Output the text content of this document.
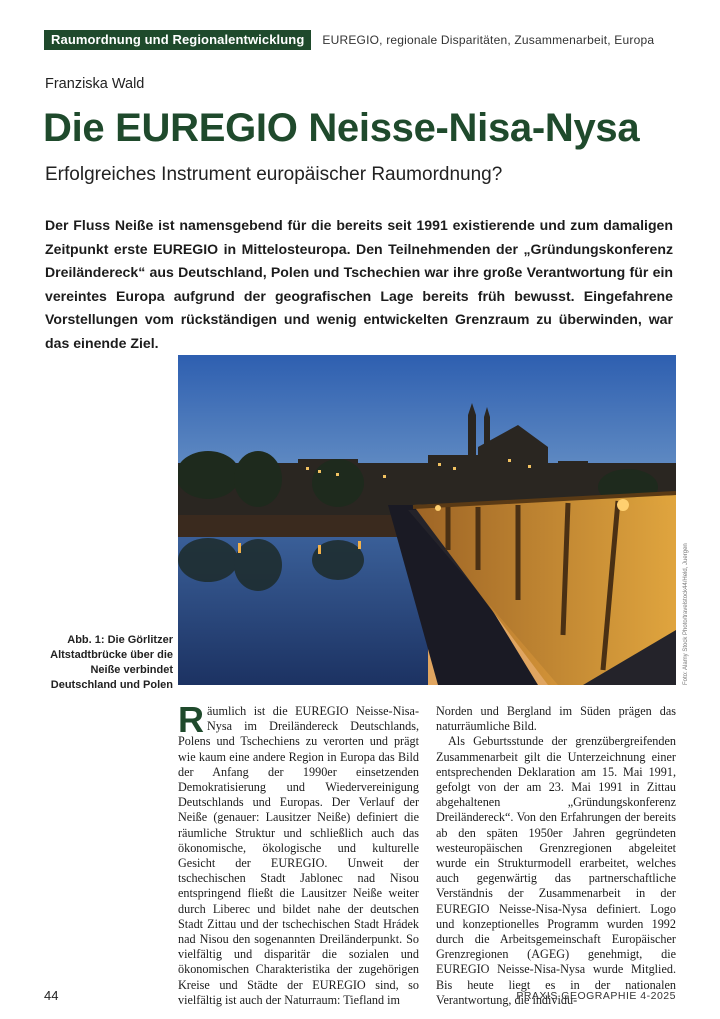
Raumordnung und Regionalentwicklung	EUREGIO, regionale Disparitäten, Zusammenarbeit, Europa
Franziska Wald
Die EUREGIO Neisse-Nisa-Nysa
Erfolgreiches Instrument europäischer Raumordnung?
Der Fluss Neiße ist namensgebend für die bereits seit 1991 existierende und zum damaligen Zeitpunkt erste EUREGIO in Mittelosteuropa. Den Teilnehmenden der „Gründungskonferenz Dreiländereck“ aus Deutschland, Polen und Tschechien war ihre große Verantwortung für ein vereintes Europa aufgrund der geografischen Lage bereits früh bewusst. Eingefahrene Vorstellungen vom rückständigen und wenig entwickelten Grenzraum zu überwinden, war das einende Ziel.
Foto: Alamy Stock Photo/travelstock44/Held, Juergen
Abb. 1: Die Görlitzer Altstadtbrücke über die Neiße verbindet Deutschland und Polen

R äumlich ist die EUREGIO Neisse-Nisa-Nysa im Dreiländereck Deutschlands, Polens und Tschechiens zu verorten und prägt wie kaum eine andere Region in Europa das Bild der Anfang der 1990er einsetzenden Demokratisierung und Wiedervereinigung Deutschlands und Europas. Der Verlauf der Neiße (genauer: Lausitzer Neiße) definiert die räumliche Struktur und schließlich auch das ökonomische, ökologische und kulturelle Gesicht der EUREGIO. Unweit der tschechischen Stadt Jablonec nad Nisou entspringend fließt die Lausitzer Neiße weiter durch Liberec und bildet nahe der deutschen Stadt Zittau und der tschechischen Stadt Hrádek nad Nisou den sogenannten Dreiländerpunkt. So vielfältig und disparitär die sozialen und ökonomischen Charakteristika der zugehörigen Kreise und Städte der EUREGIO sind, so vielfältig ist auch der Naturraum: Tiefland im

Norden und Bergland im Süden prägen das naturräumliche Bild.

Als Geburtsstunde der grenzübergreifenden Zusammenarbeit gilt die Unterzeichnung einer entsprechenden Deklaration am 15. Mai 1991, gefolgt von der am 23. Mai 1991 in Zittau abgehaltenen „Gründungskonferenz Dreiländereck“. Von den Erfahrungen der bereits ab den späten 1950er Jahren gegründeten westeuropäischen Grenzregionen abgeleitet wurde ein Strukturmodell erarbeitet, welches auch gegenwärtig das partnerschaftliche Verständnis der Zusammenarbeit in der EUREGIO Neisse-Nisa-Nysa definiert. Logo und konzeptionelles Programm wurden 1992 durch die Arbeitsgemeinschaft Europäischer Grenzregionen (AGEG) genehmigt, die EUREGIO Neisse-Nisa-Nysa wurde Mitglied. Bis heute liegt es in der nationalen Verantwortung, die individu-

44	PRAXIS GEOGRAPHIE 4-2025
